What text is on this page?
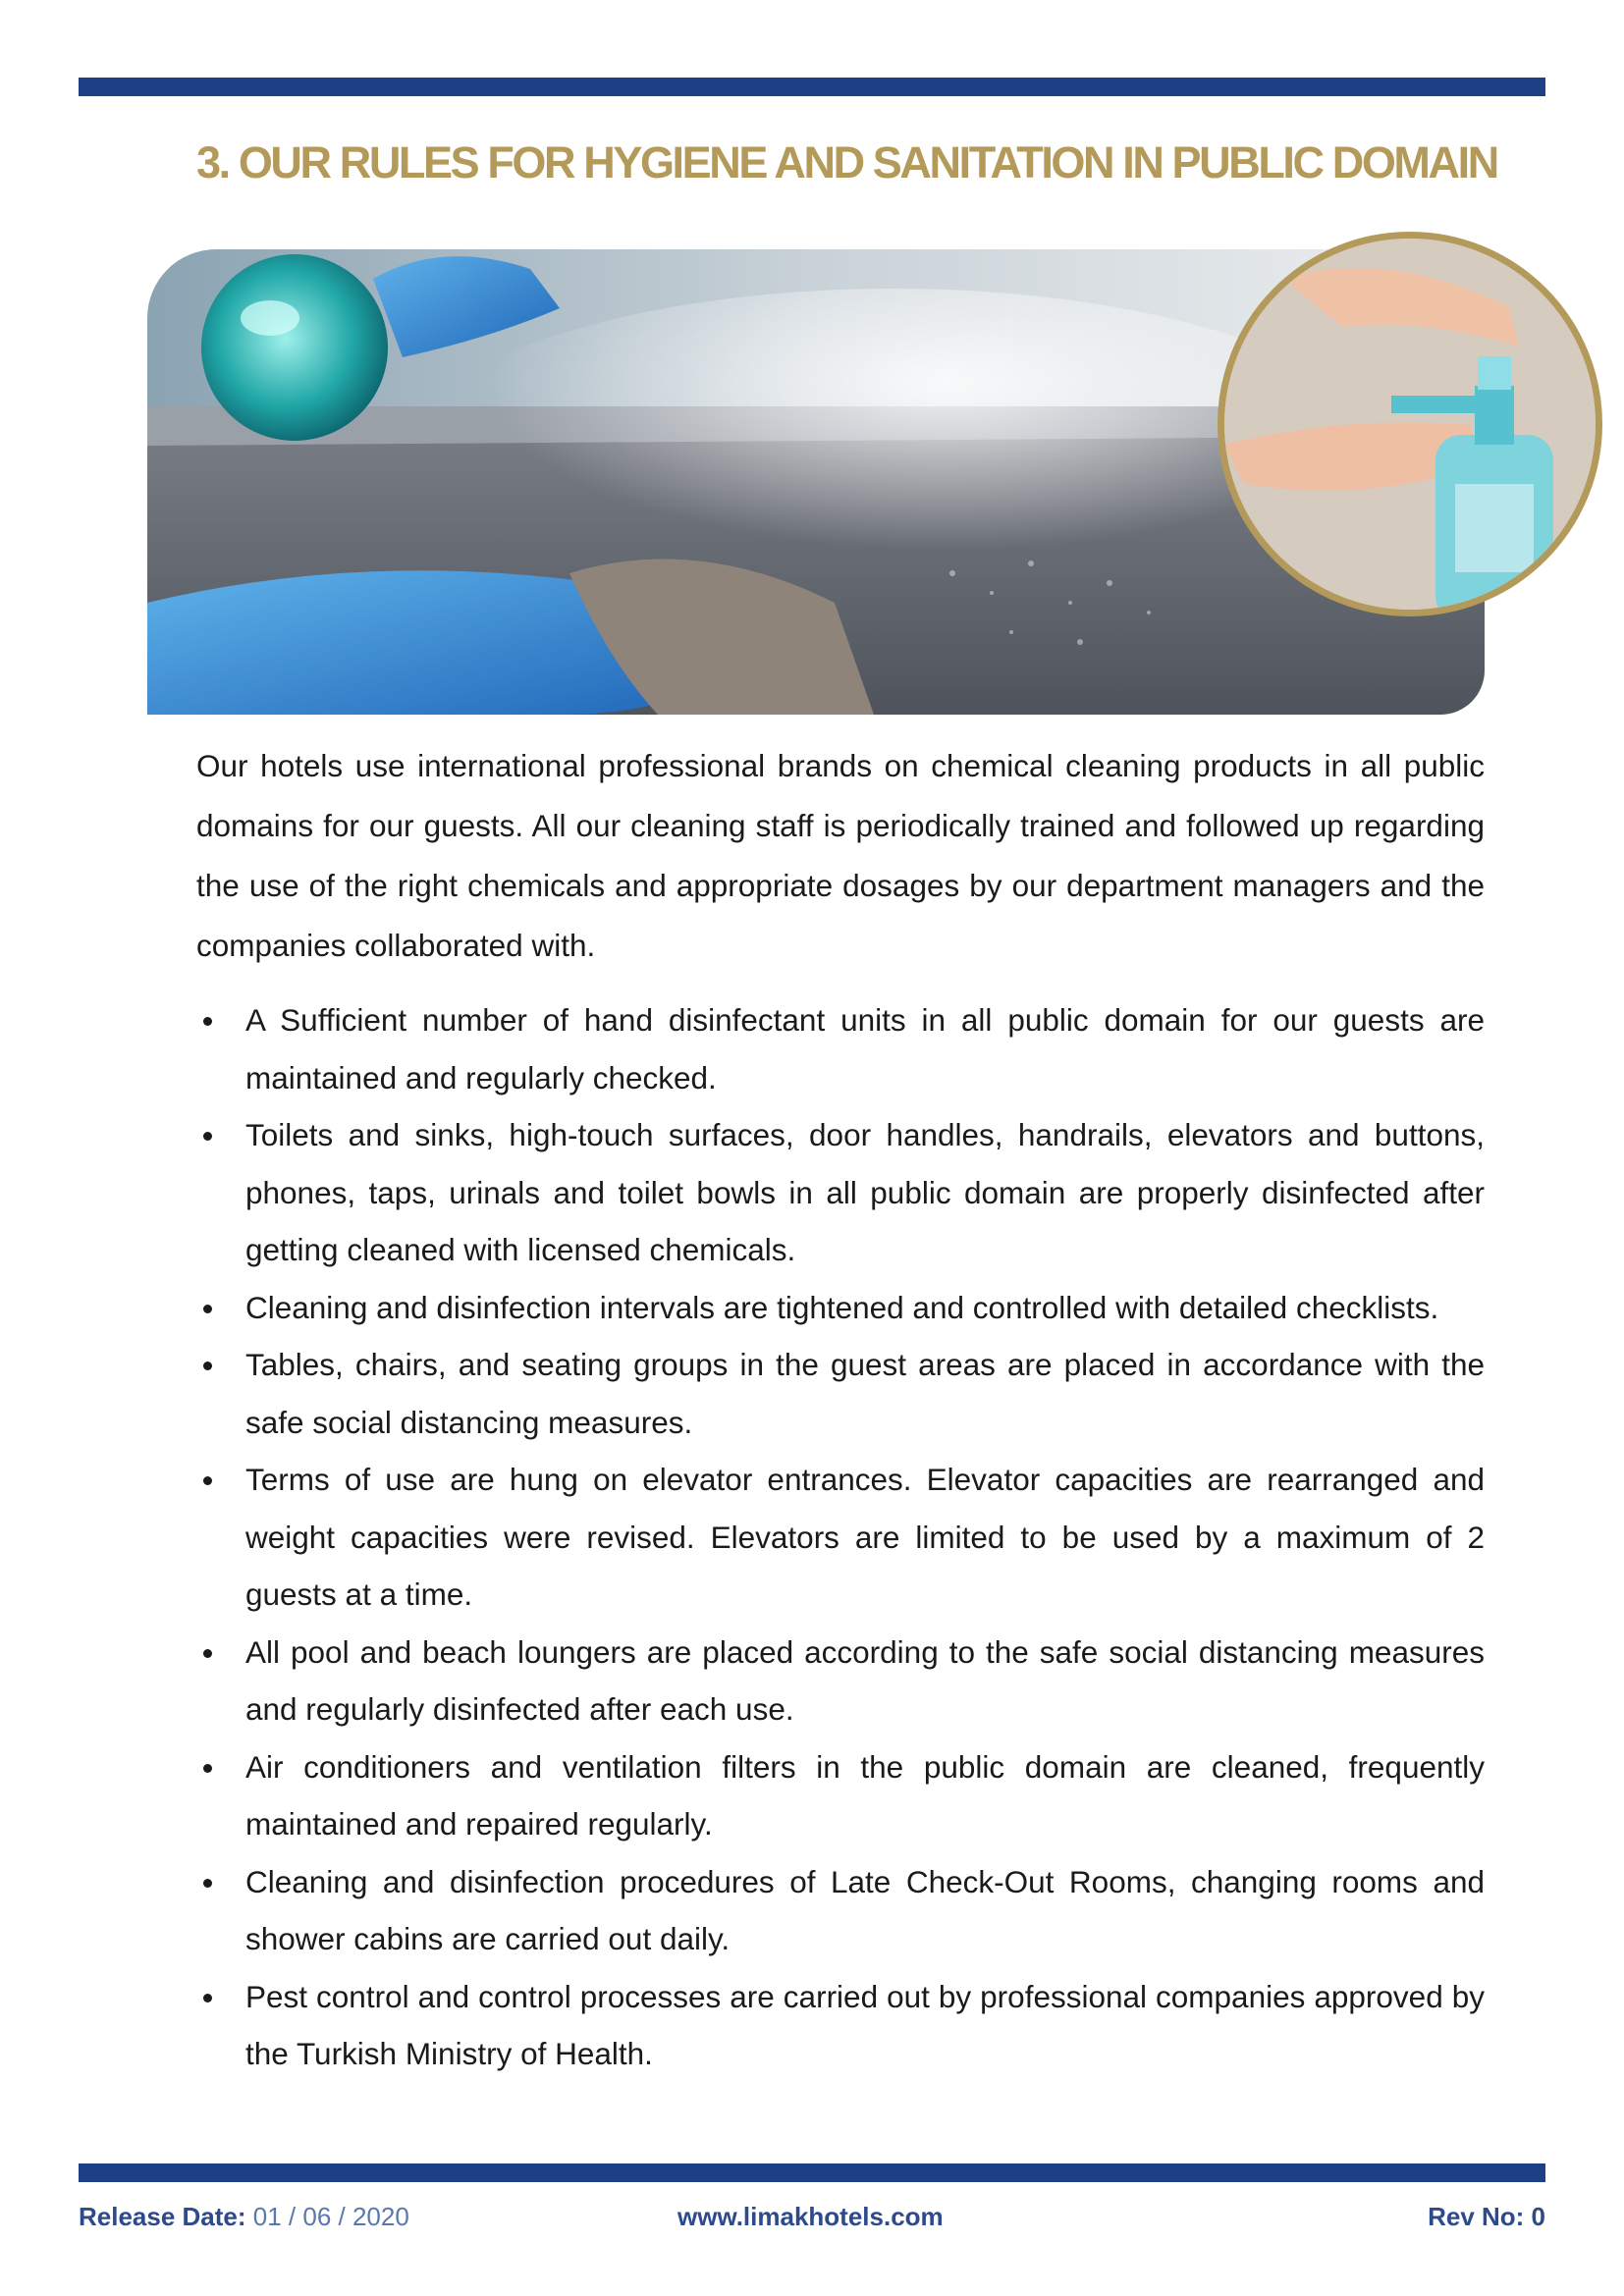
3. OUR RULES FOR HYGIENE AND SANITATION IN PUBLIC DOMAIN

Our hotels use international professional brands on chemical cleaning products in all public domains for our guests. All our cleaning staff is periodically trained and followed up regarding the use of the right chemicals and appropriate dosages by our department managers and the companies collaborated with.

A Sufficient number of hand disinfectant units in all public domain for our guests are maintained and regularly checked.
Toilets and sinks, high-touch surfaces, door handles, handrails, elevators and buttons, phones, taps, urinals and toilet bowls in all public domain are properly disinfected after getting cleaned with licensed chemicals.
Cleaning and disinfection intervals are tightened and controlled with detailed checklists.
Tables, chairs, and seating groups in the guest areas are placed in accordance with the safe social distancing measures.
Terms of use are hung on elevator entrances. Elevator capacities are rearranged and weight capacities were revised. Elevators are limited to be used by a maximum of 2 guests at a time.
All pool and beach loungers are placed according to the safe social distancing measures and regularly disinfected after each use.
Air conditioners and ventilation filters in the public domain are cleaned, frequently maintained and repaired regularly.
Cleaning and disinfection procedures of Late Check-Out Rooms, changing rooms and shower cabins are carried out daily.
Pest control and control processes are carried out by professional companies approved by the Turkish Ministry of Health.
Release Date: 01 / 06 / 2020	www.limakhotels.com	Rev No: 0
